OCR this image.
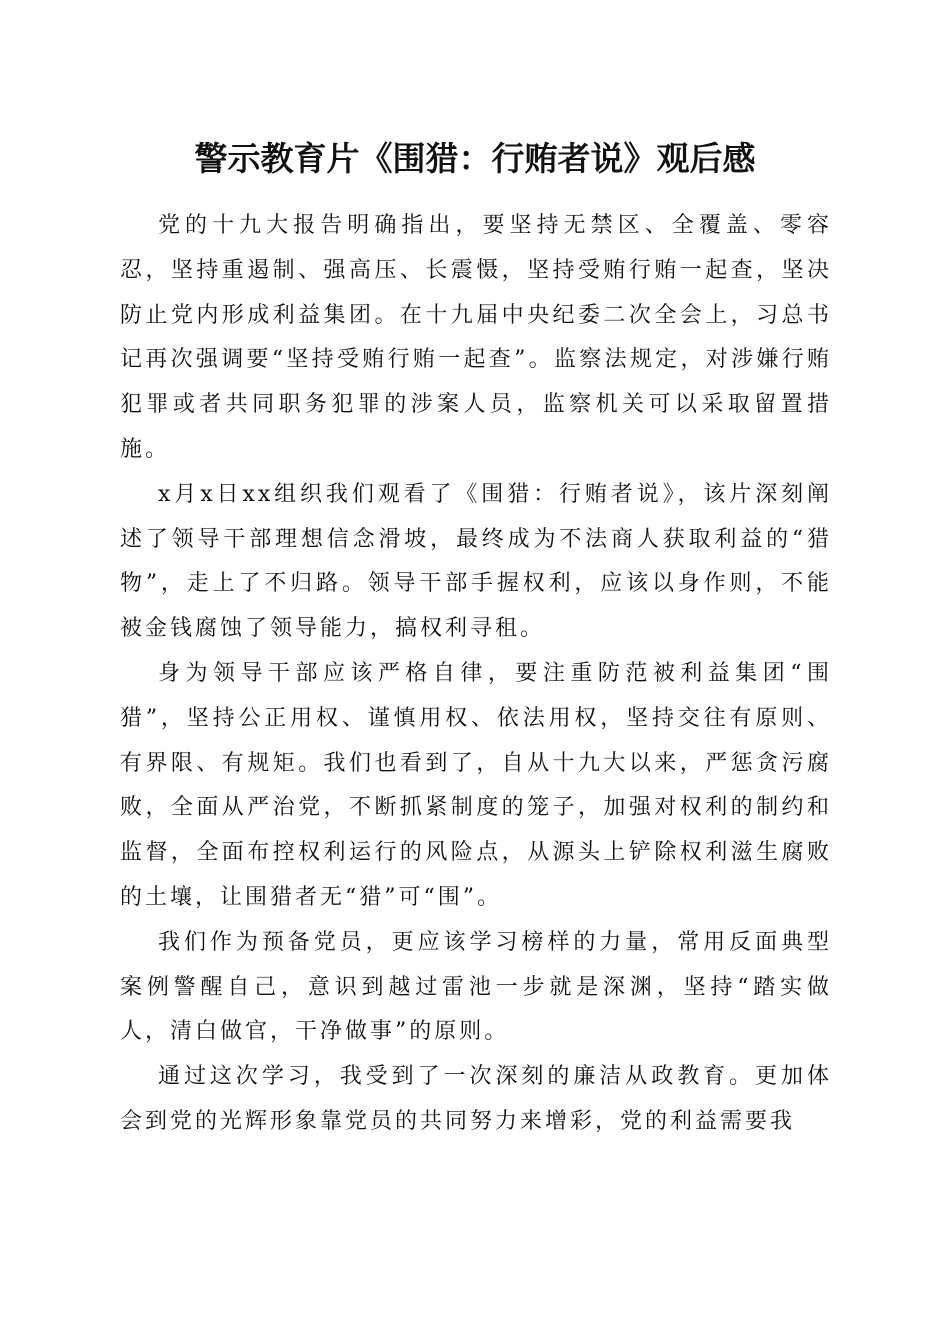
警示教育片《围猎：行贿者说》观后感

党的十九大报告明确指出，要坚持无禁区、全覆盖、零容忍，坚持重遏制、强高压、长震慑，坚持受贿行贿一起查，坚决防止党内形成利益集团。在十九届中央纪委二次全会上，习总书记再次强调要“坚持受贿行贿一起查”。监察法规定，对涉嫌行贿犯罪或者共同职务犯罪的涉案人员，监察机关可以采取留置措施。

x月x日xx组织我们观看了《围猎：行贿者说》，该片深刻阐述了领导干部理想信念滑坡，最终成为不法商人获取利益的“猎物”，走上了不归路。领导干部手握权利，应该以身作则，不能被金钱腐蚀了领导能力，搞权利寻租。

身为领导干部应该严格自律，要注重防范被利益集团“围猎”，坚持公正用权、谨慎用权、依法用权，坚持交往有原则、有界限、有规矩。我们也看到了，自从十九大以来，严惩贪污腐败，全面从严治党，不断抓紧制度的笼子，加强对权利的制约和监督，全面布控权利运行的风险点，从源头上铲除权利滋生腐败的土壤，让围猎者无“猎”可“围”。

我们作为预备党员，更应该学习榜样的力量，常用反面典型案例警醒自己，意识到越过雷池一步就是深渊，坚持“踏实做人，清白做官，干净做事”的原则。

通过这次学习，我受到了一次深刻的廉洁从政教育。更加体会到党的光辉形象靠党员的共同努力来增彩，党的利益需要我
